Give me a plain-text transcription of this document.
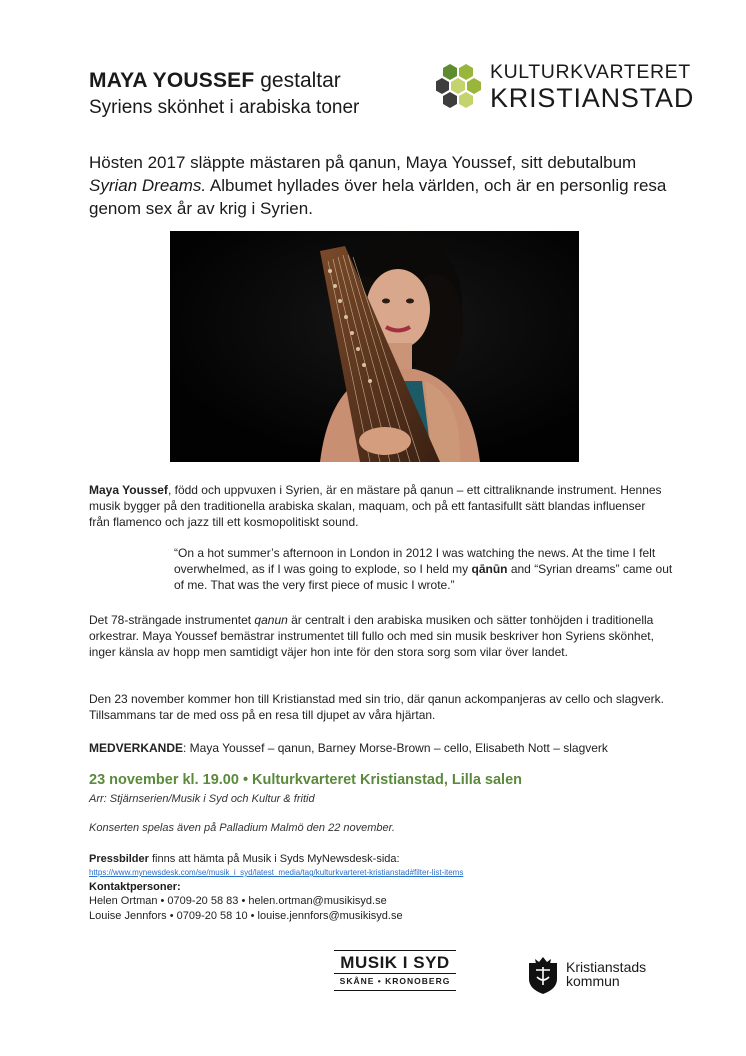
MAYA YOUSSEF gestaltar
Syriens skönhet i arabiska toner
KULTURKVARTERET
KRISTIANSTAD
Hösten 2017 släppte mästaren på qanun, Maya Youssef, sitt debutalbum Syrian Dreams. Albumet hyllades över hela världen, och är en personlig resa genom sex år av krig i Syrien.
Maya Youssef, född och uppvuxen i Syrien, är en mästare på qanun – ett cittraliknande instrument. Hennes musik bygger på den traditionella arabiska skalan, maquam, och på ett fantasifullt sätt blandas influenser från flamenco och jazz till ett kosmopolitiskt sound.
“On a hot summer’s afternoon in London in 2012 I was watching the news. At the time I felt overwhelmed, as if I was going to explode, so I held my qānūn and “Syrian dreams” came out of me. That was the very first piece of music I wrote.”
Det 78-strängade instrumentet qanun är centralt i den arabiska musiken och sätter tonhöjden i traditionella orkestrar. Maya Youssef bemästrar instrumentet till fullo och med sin musik beskriver hon Syriens skönhet, inger känsla av hopp men samtidigt väjer hon inte för den stora sorg som vilar över landet.
Den 23 november kommer hon till Kristianstad med sin trio, där qanun ackompanjeras av cello och slagverk. Tillsammans tar de med oss på en resa till djupet av våra hjärtan.
MEDVERKANDE: Maya Youssef – qanun, Barney Morse-Brown – cello, Elisabeth Nott – slagverk
23 november kl. 19.00 • Kulturkvarteret Kristianstad, Lilla salen
Arr: Stjärnserien/Musik i Syd och Kultur & fritid
Konserten spelas även på Palladium Malmö den 22 november.
Pressbilder finns att hämta på Musik i Syds MyNewsdesk-sida:
https://www.mynewsdesk.com/se/musik_i_syd/latest_media/tag/kulturkvarteret-kristianstad#filter-list-items
Kontaktpersoner:
Helen Ortman • 0709-20 58 83 • helen.ortman@musikisyd.se
Louise Jennfors • 0709-20 58 10 • louise.jennfors@musikisyd.se
MUSIK I SYD
SKÅNE • KRONOBERG
Kristianstads
kommun
